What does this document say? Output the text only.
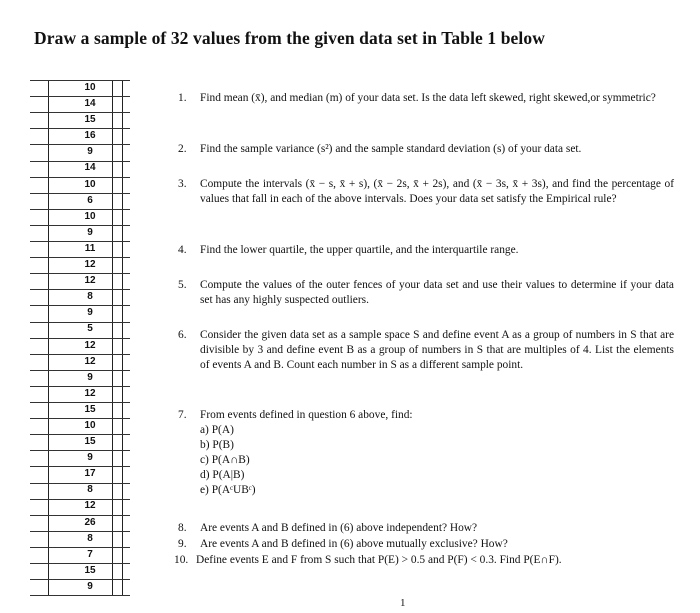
Draw a sample of 32 values from the given data set in Table 1 below
10
14
15
16
9
14
10
6
10
9
11
12
12
8
9
5
12
12
9
12
15
10
15
9
17
8
12
26
8
7
15
9
1. Find mean (x̄), and median (m) of your data set. Is the data left skewed, right skewed,or symmetric?
2. Find the sample variance (s²) and the sample standard deviation (s) of your data set.
3. Compute the intervals (x̄ − s, x̄ + s), (x̄ − 2s, x̄ + 2s), and (x̄ − 3s, x̄ + 3s), and find the percentage of values that fall in each of the above intervals. Does your data set satisfy the Empirical rule?
4. Find the lower quartile, the upper quartile, and the interquartile range.
5. Compute the values of the outer fences of your data set and use their values to determine if your data set has any highly suspected outliers.
6. Consider the given data set as a sample space S and define event A as a group of numbers in S that are divisible by 3 and define event B as a group of numbers in S that are multiples of 4. List the elements of events A and B. Count each number in S as a different sample point.
7. From events defined in question 6 above, find:
a) P(A)
b) P(B)
c) P(A∩B)
d) P(A|B)
e) P(AᶜUBᶜ)
8. Are events A and B defined in (6) above independent? How?
9. Are events A and B defined in (6) above mutually exclusive? How?
10. Define events E and F from S such that P(E) > 0.5 and P(F) < 0.3. Find P(E∩F).
1
